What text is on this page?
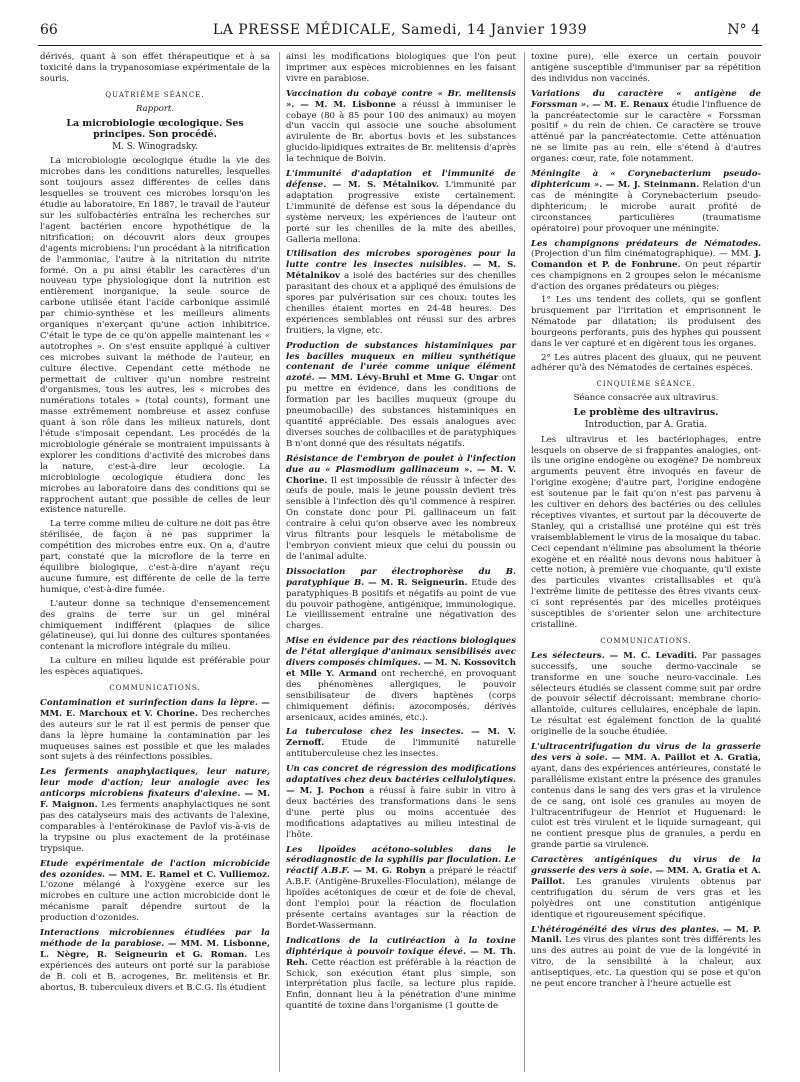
66	LA PRESSE MÉDICALE, Samedi, 14 Janvier 1939	N° 4

dérivés, quant à son effet thérapeutique et à sa toxicité dans la trypanosomiase expérimentale de la souris.

QUATRIÈME SÉANCE.
Rapport.
La microbiologie œcologique. Ses principes. Son procédé.
M. S. Winogradsky.

La microbiologie œcologique étudie la vie des microbes dans les conditions naturelles, lesquelles sont toujours assez différentes de celles dans lesquelles se trouvent ces microbes lorsqu'on les étudie au laboratoire. En 1887, le travail de l'auteur sur les sulfobactéries entraîna les recherches sur l'agent bactérien encore hypothétique de la nitrification; on découvrit alors deux groupes d'agents microbiens: l'un procédant à la nitrification de l'ammoniac, l'autre à la nitritation du nitrite formé. On a pu ainsi établir les caractères d'un nouveau type physiologique dont la nutrition est entièrement inorganique, la seule source de carbone utilisée étant l'acide carbonique assimilé par chimio-synthèse et les meilleurs aliments organiques n'exerçant qu'une action inhibitrice. C'était le type de ce qu'on appelle maintenant les « autotrophes ». On s'est ensuite appliqué à cultiver ces microbes suivant la méthode de l'auteur, en culture élective. Cependant cette méthode ne permettait de cultiver qu'un nombre restreint d'organismes, tous les autres, les « microbes des numérations totales » (total counts), formant une masse extrêmement nombreuse et assez confuse quant à son rôle dans les milieux naturels, dont l'étude s'imposait cependant. Les procédés de la microbiologie générale se montraient impuissants à explorer les conditions d'activité des microbes dans la nature, c'est-à-dire leur œcologie. La microbiologie œcologique étudiera donc les microbes au laboratoire dans des conditions qui se rapprochent autant que possible de celles de leur existence naturelle.

La terre comme milieu de culture ne doit pas être stérilisée, de façon à ne pas supprimer la compétition des microbes entre eux. On a, d'autre part, constaté que la microflore de la terre en équilibre biologique, c'est-à-dire n'ayant reçu aucune fumure, est différente de celle de la terre humique, c'est-à-dire fumée.

L'auteur donne sa technique d'ensemencement des grains de terre sur un gel minéral chimiquement indifférent (plaques de silice gélatineuse), qui lui donne des cultures spontanées contenant la microflore intégrale du milieu.

La culture en milieu liquide est préférable pour les espèces aquatiques.

COMMUNICATIONS.
Contamination et surinfection dans la lèpre. — MM. E. Marchoux et V. Chorine. Des recherches des auteurs sur le rat il est permis de penser que dans la lèpre humaine la contamination par les muqueuses saines est possible et que les malades sont sujets à des réinfections possibles.
Les ferments anaphylactiques, leur nature, leur mode d'action; leur analogie avec les anticorps microbiens fixateurs d'alexine. — M. F. Maignon. Les ferments anaphylactiques ne sont pas des catalyseurs mais des activants de l'alexine, comparables à l'entérokinase de Pavlof vis-à-vis de la trypsine ou plus exactement de la protéinase trypsique.
Etude expérimentale de l'action microbicide des ozonides. — MM. E. Ramel et C. Vulliemoz. L'ozone mélangé à l'oxygène exerce sur les microbes en culture une action microbicide dont le mécanisme paraît dépendre surtout de la production d'ozonides.
Interactions microbiennes étudiées par la méthode de la parabiose. — MM. M. Lisbonne, L. Nègre, R. Seigneurin et G. Roman. Les expériences des auteurs ont porté sur la parabiose de B. coli et B. acrogenes, Br. melitensis et Br. abortus, B. tuberculeux divers et B.C.G. Ils étudient

ainsi les modifications biologiques que l'on peut imprimer aux espèces microbiennes en les faisant vivre en parabiose.

Vaccination du cobaye contre « Br. melitensis ». — M. M. Lisbonne a réussi à immuniser le cobaye (80 à 85 pour 100 des animaux) au moyen d'un vaccin qui associe une souche absolument avirulente de Br. abortus bovis et les substances glucido-lipidiques extraites de Br. melitensis d'après la technique de Boivin.
L'immunité d'adaptation et l'immunité de défense. — M. S. Métalnikov. L'immunité par adaptation progressive existe certainement. L'immunité de défense est sous la dépendance du système nerveux; les expériences de l'auteur ont porté sur les chenilles de la mite des abeilles, Galleria mellona.
Utilisation des microbes sporogènes pour la lutte contre les insectes nuisibles. — M. S. Métalnikov a isolé des bactéries sur des chenilles parasitant des choux et a appliqué des émulsions de spores par pulvérisation sur ces choux: toutes les chenilles étaient mortes en 24-48 heures. Des expériences semblables ont réussi sur des arbres fruitiers, la vigne, etc.
Production de substances histaminiques par les bacilles muqueux en milieu synthétique contenant de l'urée comme unique élément azoté. — MM. Lévy-Bruhl et Mme G. Ungar ont pu mettre en évidence, dans les conditions de formation par les bacilles muqueux (groupe du pneumobacille) des substances histaminiques en quantité appréciable. Des essais analogues avec diverses souches de colibacilles et de paratyphiques B n'ont donné que des résultats négatifs.
Résistance de l'embryon de poulet à l'infection due au « Plasmodium gallinaceum ». — M. V. Chorine. Il est impossible de réussir à infecter des œufs de poule, mais le jeune poussin devient très sensible à l'infection dès qu'il commence à respirer. On constate donc pour Pl. gallinaceum un fait contraire à celui qu'on observe avec les nombreux virus filtrants pour lesquels le métabolisme de l'embryon convient mieux que celui du poussin ou de l'animal adulte.
Dissociation par électrophorèse du B. paratyphique B. — M. R. Seigneurin. Etude des paratyphiques B positifs et négatifs au point de vue du pouvoir pathogène, antigénique, immunologique. Le vieillissement entraîne une négativation des charges.
Mise en évidence par des réactions biologiques de l'état allergique d'animaux sensibilisés avec divers composés chimiques. — M. N. Kossovitch et Mlle Y. Armand ont recherché, en provoquant des phénomènes allergiques, le pouvoir sensibilisateur de divers haptènes (corps chimiquement définis: azocomposés, dérivés arsenicaux, acides aminés, etc.).
La tuberculose chez les insectes. — M. V. Zernoff. Etude de l'immunité naturelle antituberculeuse chez les insectes.
Un cas concret de régression des modifications adaptatives chez deux bactéries cellulolytiques. — M. J. Pochon a réussi à faire subir in vitro à deux bactéries des transformations dans le sens d'une perte plus ou moins accentuée des modifications adaptatives au milieu intestinal de l'hôte.
Les lipoïdes acétono-solubles dans le sérodiagnostic de la syphilis par floculation. Le réactif A.B.F. — M. G. Robyn a préparé le réactif A.B.F. (Antigène-Bruxelles-Floculation), mélange de lipoïdes acétoniques de cœur et de foie de cheval, dont l'emploi pour la réaction de floculation présente certains avantages sur la réaction de Bordet-Wassermann.
Indications de la cutiréaction à la toxine diphtérique à pouvoir toxique élevé. — M. Th. Reh. Cette réaction est préférable à la réaction de Schick, son exécution étant plus simple, son interprétation plus facile, sa lecture plus rapide. Enfin, donnant lieu à la pénétration d'une minime quantité de toxine dans l'organisme (1 goutte de

toxine pure), elle exerce un certain pouvoir antigène susceptible d'immuniser par sa répétition des individus non vaccinés.

Variations du caractère « antigène de Forssman ». — M. E. Renaux étudie l'influence de la pancréatectomie sur le caractère « Forssman positif » du rein de chien. Ce caractère se trouve atténué par la pancréatectomie. Cette atténuation ne se limite pas au rein, elle s'étend à d'autres organes: cœur, rate, foie notamment.
Méningite à « Corynebacterium pseudo-diphtericum ». — M. J. Steinmann. Relation d'un cas de méningite à Corynebacterium pseudo-diphtericum; le microbe aurait profité de circonstances particulières (traumatisme opératoire) pour provoquer une méningite.
Les champignons prédateurs de Nématodes. (Projection d'un film cinématographique). — MM. J. Comandon et P. de Fonbrune. On peut répartir ces champignons en 2 groupes selon le mécanisme d'action des organes prédateurs ou pièges:

1° Les uns tendent des collets, qui se gonflent brusquement par l'irritation et emprisonnent le Nématode par dilatation; ils produisent des bourgeons perforants, puis des hyphes qui poussent dans le ver capturé et en digèrent tous les organes.

2° Les autres placent des gluaux, qui ne peuvent adhérer qu'à des Nématodes de certaines espèces.

CINQUIÈME SÉANCE.
Séance consacrée aux ultravirus.
Le problème des ultravirus.
Introduction, par A. Gratia.

Les ultravirus et les bactériophages, entre lesquels on observe de si frappantes analogies, ont-ils une origine endogène ou exogène? De nombreux arguments peuvent être invoqués en faveur de l'origine exogène; d'autre part, l'origine endogène est soutenue par le fait qu'on n'est pas parvenu à les cultiver en dehors des bactéries ou des cellules réceptives vivantes, et surtout par la découverte de Stanley, qui a cristallisé une protéine qui est très vraisemblablement le virus de la mosaïque du tabac. Ceci cependant n'élimine pas absolument la théorie exogène et en réalité nous devons nous habituer à cette notion, à première vue choquante, qu'il existe des particules vivantes cristallisables et qu'à l'extrême limite de petitesse des êtres vivants ceux-ci sont représentés par des micelles protéiques susceptibles de s'orienter selon une architecture cristalline.

COMMUNICATIONS.
Les sélecteurs. — M. C. Levaditi. Par passages successifs, une souche dermo-vaccinale se transforme en une souche neuro-vaccinale. Les sélecteurs étudiés se classent comme suit par ordre de pouvoir sélectif décroissant: membrane chorio-allantoïde, cultures cellulaires, encéphale de lapin. Le résultat est également fonction de la qualité originelle de la souche étudiée.
L'ultracentrifugation du virus de la grasserie des vers à soie. — MM. A. Paillot et A. Gratia, ayant, dans des expériences antérieures, constaté le parallélisme existant entre la présence des granules contenus dans le sang des vers gras et la virulence de ce sang, ont isolé ces granules au moyen de l'ultracentrifugeur de Henriot et Huguenard: le culot est très virulent et le liquide surnageant, qui ne contient presque plus de granules, a perdu en grande partie sa virulence.
Caractères antigéniques du virus de la grasserie des vers à soie. — MM. A. Gratia et A. Paillot. Les granules virulents obtenus par centrifugation du sérum de vers gras et les polyèdres ont une constitution antigénique identique et rigoureusement spécifique.
L'hétérogénéité des virus des plantes. — M. P. Manil. Les virus des plantes sont très différents les uns des autres au point de vue de la longévité in vitro, de la sensibilité à la chaleur, aux antiseptiques, etc. La question qui se pose et qu'on ne peut encore trancher à l'heure actuelle est
